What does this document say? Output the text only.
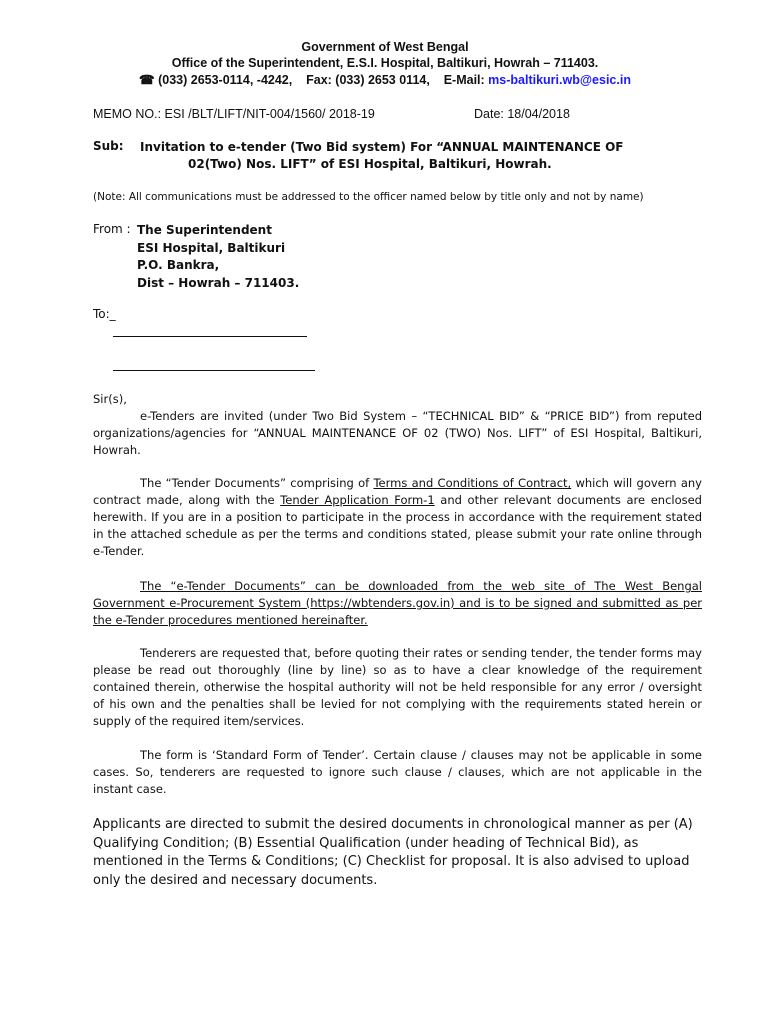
Government of West Bengal
Office of the Superintendent, E.S.I. Hospital, Baltikuri, Howrah – 711403.
☎ (033) 2653-0114, -4242,    Fax: (033) 2653 0114,    E-Mail: ms-baltikuri.wb@esic.in
MEMO NO.: ESI /BLT/LIFT/NIT-004/1560/ 2018-19	Date: 18/04/2018
Sub: Invitation to e-tender (Two Bid system) For “ANNUAL MAINTENANCE OF
02(Two) Nos. LIFT” of ESI Hospital, Baltikuri, Howrah.
(Note: All communications must be addressed to the officer named below by title only and not by name)
From : The Superintendent
ESI Hospital, Baltikuri
P.O. Bankra,
Dist – Howrah – 711403.
To:_
Sir(s),
e-Tenders are invited (under Two Bid System – “TECHNICAL BID” & “PRICE BID”) from reputed organizations/agencies for “ANNUAL MAINTENANCE OF 02 (TWO) Nos. LIFT” of ESI Hospital, Baltikuri, Howrah.
The “Tender Documents” comprising of Terms and Conditions of Contract, which will govern any contract made, along with the Tender Application Form-1 and other relevant documents are enclosed herewith. If you are in a position to participate in the process in accordance with the requirement stated in the attached schedule as per the terms and conditions stated, please submit your rate online through e-Tender.
The “e-Tender Documents” can be downloaded from the web site of The West Bengal Government e-Procurement System (https://wbtenders.gov.in) and is to be signed and submitted as per the e-Tender procedures mentioned hereinafter.
Tenderers are requested that, before quoting their rates or sending tender, the tender forms may please be read out thoroughly (line by line) so as to have a clear knowledge of the requirement contained therein, otherwise the hospital authority will not be held responsible for any error / oversight of his own and the penalties shall be levied for not complying with the requirements stated herein or supply of the required item/services.
The form is ‘Standard Form of Tender’. Certain clause / clauses may not be applicable in some cases. So, tenderers are requested to ignore such clause / clauses, which are not applicable in the instant case.
Applicants are directed to submit the desired documents in chronological manner as per (A) Qualifying Condition; (B) Essential Qualification (under heading of Technical Bid), as mentioned in the Terms & Conditions; (C) Checklist for proposal. It is also advised to upload only the desired and necessary documents.
